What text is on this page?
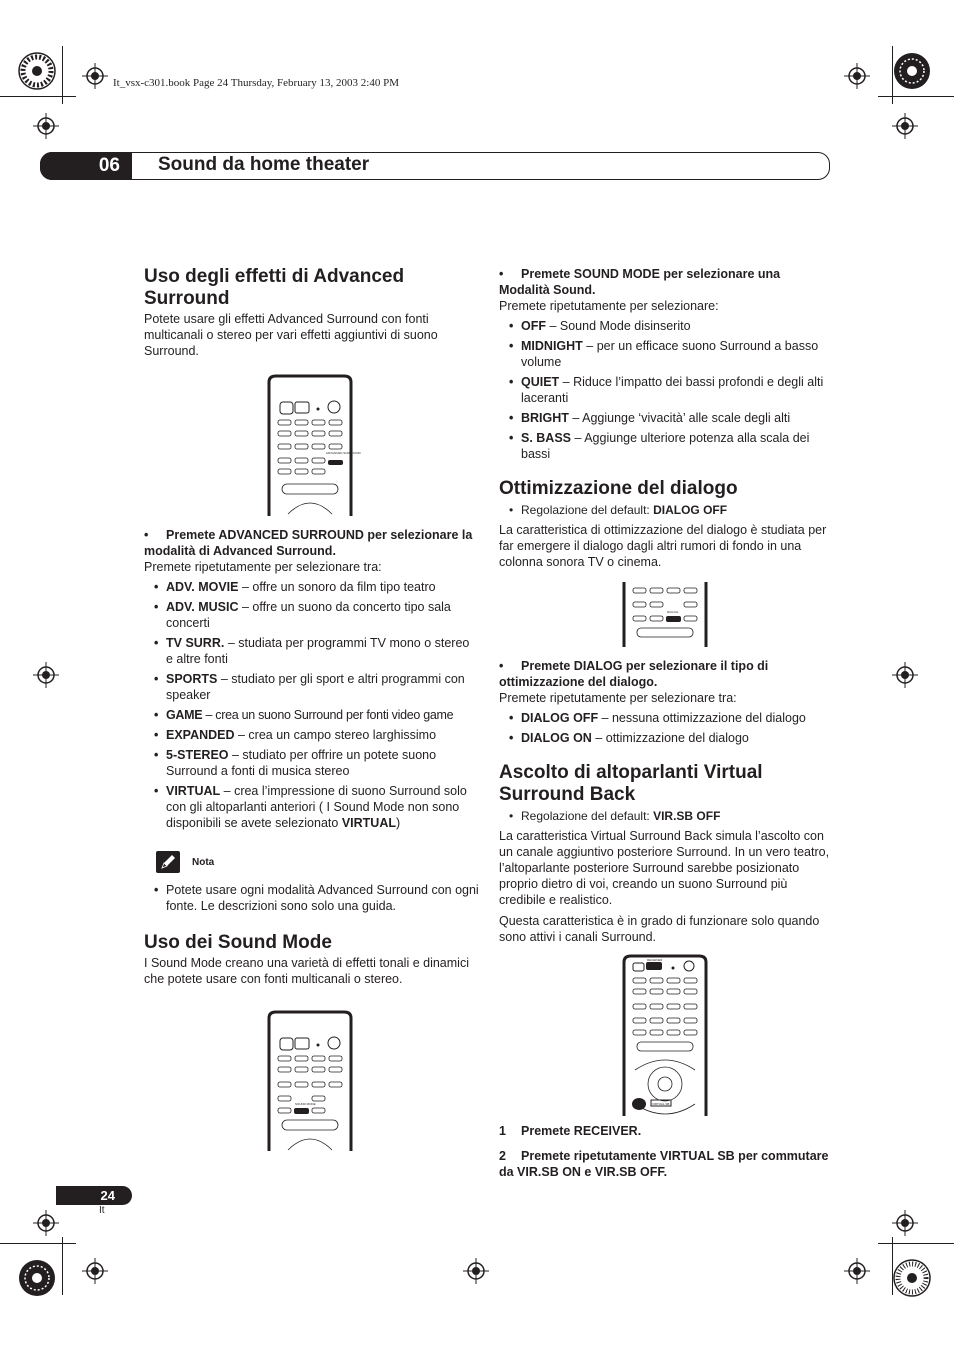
It_vsx-c301.book Page 24 Thursday, February 13, 2003 2:40 PM
06	Sound da home theater
Uso degli effetti di Advanced Surround

Potete usare gli effetti Advanced Surround con fonti multicanali o stereo per vari effetti aggiuntivi di suono Surround.

ADVANCED SURROUND

• Premete ADVANCED SURROUND per selezionare la modalità di Advanced Surround.

Premete ripetutamente per selezionare tra:

• ADV. MOVIE – offre un sonoro da film tipo teatro
• ADV. MUSIC – offre un suono da concerto tipo sala concerti
• TV SURR. – studiata per programmi TV mono o stereo e altre fonti
• SPORTS – studiato per gli sport e altri programmi con speaker
• GAME – crea un suono Surround per fonti video game
• EXPANDED – crea un campo stereo larghissimo
• 5-STEREO – studiato per offrire un potete suono Surround a fonti di musica stereo
• VIRTUAL – crea l’impressione di suono Surround solo con gli altoparlanti anteriori ( I Sound Mode non sono disponibili se avete selezionato VIRTUAL)
Nota
• Potete usare ogni modalità Advanced Surround con ogni fonte. Le descrizioni sono solo una guida.
Uso dei Sound Mode

I Sound Mode creano una varietà di effetti tonali e dinamici che potete usare con fonti multicanali o stereo.

SOUND MODE

• Premete SOUND MODE per selezionare una Modalità Sound.

Premete ripetutamente per selezionare:

• OFF – Sound Mode disinserito
• MIDNIGHT – per un efficace suono Surround a basso volume
• QUIET – Riduce l’impatto dei bassi profondi e degli alti laceranti
• BRIGHT – Aggiunge ‘vivacità’ alle scale degli alti
• S. BASS – Aggiunge ulteriore potenza alla scala dei bassi
Ottimizzazione del dialogo

• Regolazione del default: DIALOG OFF

La caratteristica di ottimizzazione del dialogo è studiata per far emergere il dialogo dagli altri rumori di fondo in una colonna sonora TV o cinema.

DIALOG

• Premete DIALOG per selezionare il tipo di ottimizzazione del dialogo.

Premete ripetutamente per selezionare tra:

• DIALOG OFF – nessuna ottimizzazione del dialogo
• DIALOG ON – ottimizzazione del dialogo
Ascolto di altoparlanti Virtual Surround Back

• Regolazione del default: VIR.SB OFF

La caratteristica Virtual Surround Back simula l’ascolto con un canale aggiuntivo posteriore Surround. In un vero teatro, l’altoparlante posteriore Surround sarebbe posizionato proprio dietro di voi, creando un suono Surround più credibile e realistico.

Questa caratteristica è in grado di funzionare solo quando sono attivi i canali Surround.

RECEIVER
VIRTUAL SB

1 Premete RECEIVER.

2 Premete ripetutamente VIRTUAL SB per commutare da VIR.SB ON e VIR.SB OFF.

24
It
